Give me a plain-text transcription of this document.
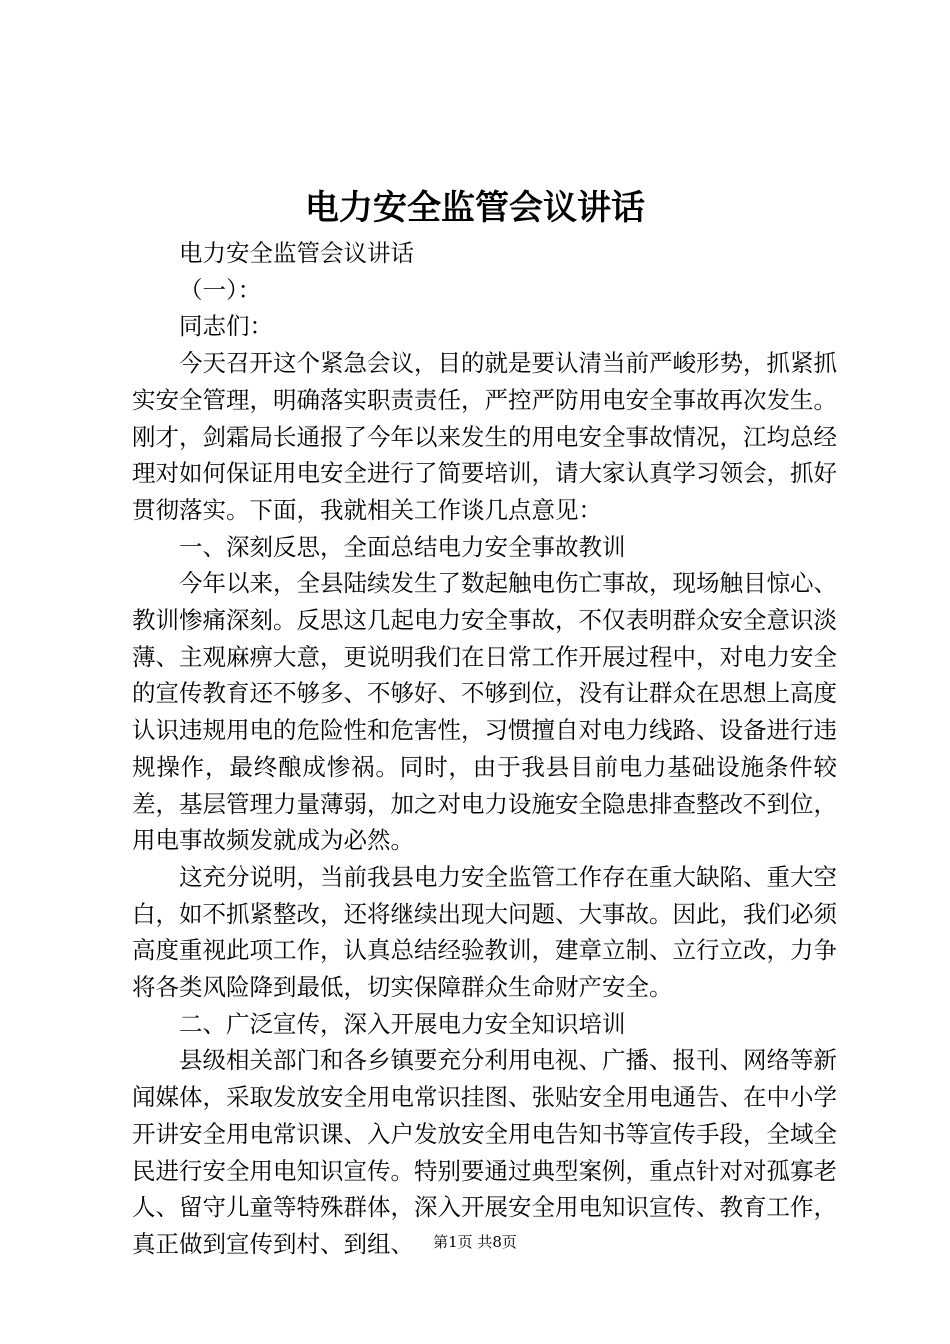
电力安全监管会议讲话

电力安全监管会议讲话

（一）：

同志们：

今天召开这个紧急会议，目的就是要认清当前严峻形势，抓紧抓实安全管理，明确落实职责责任，严控严防用电安全事故再次发生。刚才，剑霜局长通报了今年以来发生的用电安全事故情况，江均总经理对如何保证用电安全进行了简要培训，请大家认真学习领会，抓好贯彻落实。下面，我就相关工作谈几点意见：

一、深刻反思，全面总结电力安全事故教训

今年以来，全县陆续发生了数起触电伤亡事故，现场触目惊心、教训惨痛深刻。反思这几起电力安全事故，不仅表明群众安全意识淡薄、主观麻痹大意，更说明我们在日常工作开展过程中，对电力安全的宣传教育还不够多、不够好、不够到位，没有让群众在思想上高度认识违规用电的危险性和危害性，习惯擅自对电力线路、设备进行违规操作，最终酿成惨祸。同时，由于我县目前电力基础设施条件较差，基层管理力量薄弱，加之对电力设施安全隐患排查整改不到位，用电事故频发就成为必然。

这充分说明，当前我县电力安全监管工作存在重大缺陷、重大空白，如不抓紧整改，还将继续出现大问题、大事故。因此，我们必须高度重视此项工作，认真总结经验教训，建章立制、立行立改，力争将各类风险降到最低，切实保障群众生命财产安全。

二、广泛宣传，深入开展电力安全知识培训

县级相关部门和各乡镇要充分利用电视、广播、报刊、网络等新闻媒体，采取发放安全用电常识挂图、张贴安全用电通告、在中小学开讲安全用电常识课、入户发放安全用电告知书等宣传手段，全域全民进行安全用电知识宣传。特别要通过典型案例，重点针对对孤寡老人、留守儿童等特殊群体，深入开展安全用电知识宣传、教育工作，真正做到宣传到村、到组、	第1页 共8页
